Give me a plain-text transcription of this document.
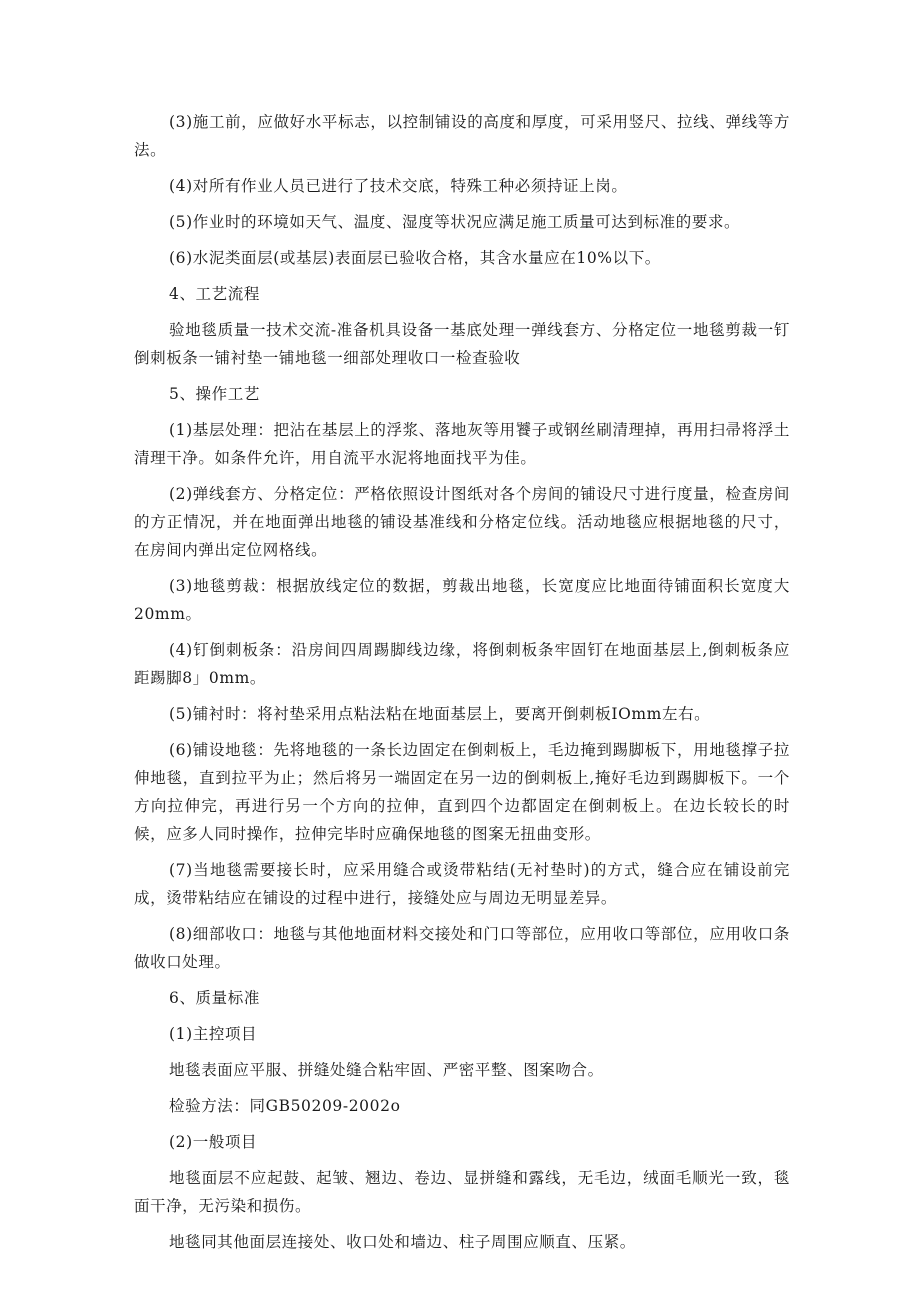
(3)施工前，应做好水平标志，以控制铺设的高度和厚度，可采用竖尺、拉线、弹线等方法。

(4)对所有作业人员已进行了技术交底，特殊工种必须持证上岗。

(5)作业时的环境如天气、温度、湿度等状况应满足施工质量可达到标准的要求。

(6)水泥类面层(或基层)表面层已验收合格，其含水量应在10%以下。

4、工艺流程

验地毯质量一技术交流-准备机具设备一基底处理一弹线套方、分格定位一地毯剪裁一钉倒刺板条一铺衬垫一铺地毯一细部处理收口一检查验收

5、操作工艺

(1)基层处理：把沾在基层上的浮浆、落地灰等用饕子或钢丝刷清理掉，再用扫帚将浮土清理干净。如条件允许，用自流平水泥将地面找平为佳。

(2)弹线套方、分格定位：严格依照设计图纸对各个房间的铺设尺寸进行度量，检查房间的方正情况，并在地面弹出地毯的铺设基准线和分格定位线。活动地毯应根据地毯的尺寸，在房间内弹出定位网格线。

(3)地毯剪裁：根据放线定位的数据，剪裁出地毯，长宽度应比地面待铺面积长宽度大20mm。

(4)钉倒刺板条：沿房间四周踢脚线边缘，将倒刺板条牢固钉在地面基层上,倒刺板条应距踢脚8」0mm。

(5)铺衬时：将衬垫采用点粘法粘在地面基层上，要离开倒刺板IOmm左右。

(6)铺设地毯：先将地毯的一条长边固定在倒刺板上，毛边掩到踢脚板下，用地毯撑子拉伸地毯，直到拉平为止；然后将另一端固定在另一边的倒刺板上,掩好毛边到踢脚板下。一个方向拉伸完，再进行另一个方向的拉伸，直到四个边都固定在倒刺板上。在边长较长的时候，应多人同时操作，拉伸完毕时应确保地毯的图案无扭曲变形。

(7)当地毯需要接长时，应采用缝合或烫带粘结(无衬垫时)的方式，缝合应在铺设前完成，烫带粘结应在铺设的过程中进行，接缝处应与周边无明显差异。

(8)细部收口：地毯与其他地面材料交接处和门口等部位，应用收口等部位，应用收口条做收口处理。

6、质量标准

(1)主控项目

地毯表面应平服、拼缝处缝合粘牢固、严密平整、图案吻合。

检验方法：同GB50209-2002o

(2)一般项目

地毯面层不应起鼓、起皱、翘边、卷边、显拼缝和露线，无毛边，绒面毛顺光一致，毯面干净，无污染和损伤。

地毯同其他面层连接处、收口处和墙边、柱子周围应顺直、压紧。
